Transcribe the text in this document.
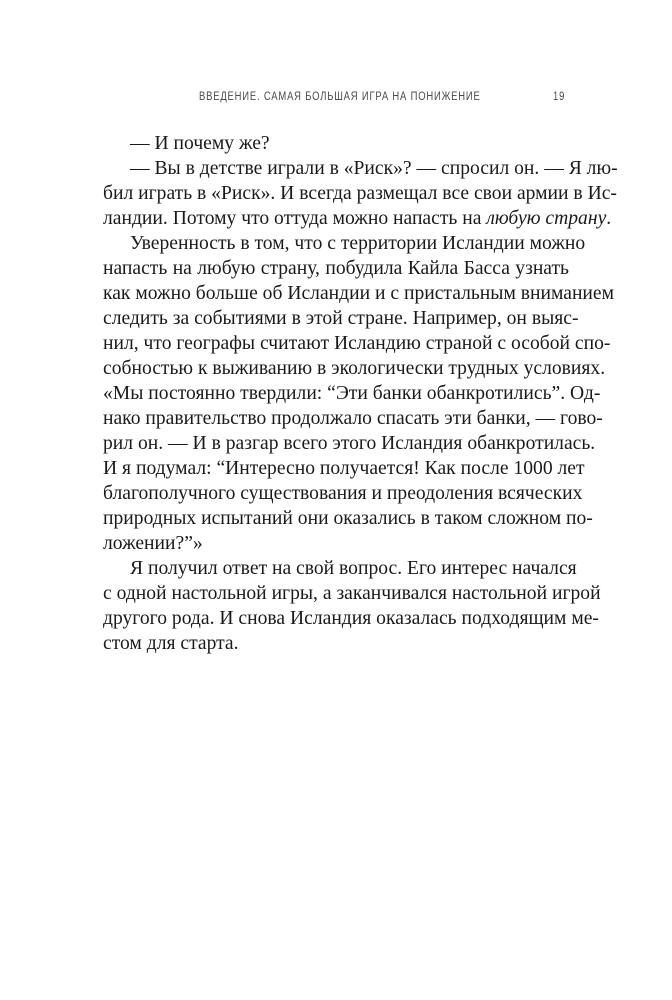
ВВЕДЕНИЕ. САМАЯ БОЛЬШАЯ ИГРА НА ПОНИЖЕНИЕ	19
— И почему же?
— Вы в детстве играли в «Риск»? — спросил он. — Я лю-
бил играть в «Риск». И всегда размещал все свои армии в Ис-
ландии. Потому что оттуда можно напасть на любую страну.
Уверенность в том, что с территории Исландии можно
напасть на любую страну, побудила Кайла Басса узнать
как можно больше об Исландии и с пристальным вниманием
следить за событиями в этой стране. Например, он выяс-
нил, что географы считают Исландию страной с особой спо-
собностью к выживанию в экологически трудных условиях.
«Мы постоянно твердили: “Эти банки обанкротились”. Од-
нако правительство продолжало спасать эти банки, — гово-
рил он. — И в разгар всего этого Исландия обанкротилась.
И я подумал: “Интересно получается! Как после 1000 лет
благополучного существования и преодоления всяческих
природных испытаний они оказались в таком сложном по-
ложении?”»
Я получил ответ на свой вопрос. Его интерес начался
с одной настольной игры, а заканчивался настольной игрой
другого рода. И снова Исландия оказалась подходящим ме-
стом для старта.
